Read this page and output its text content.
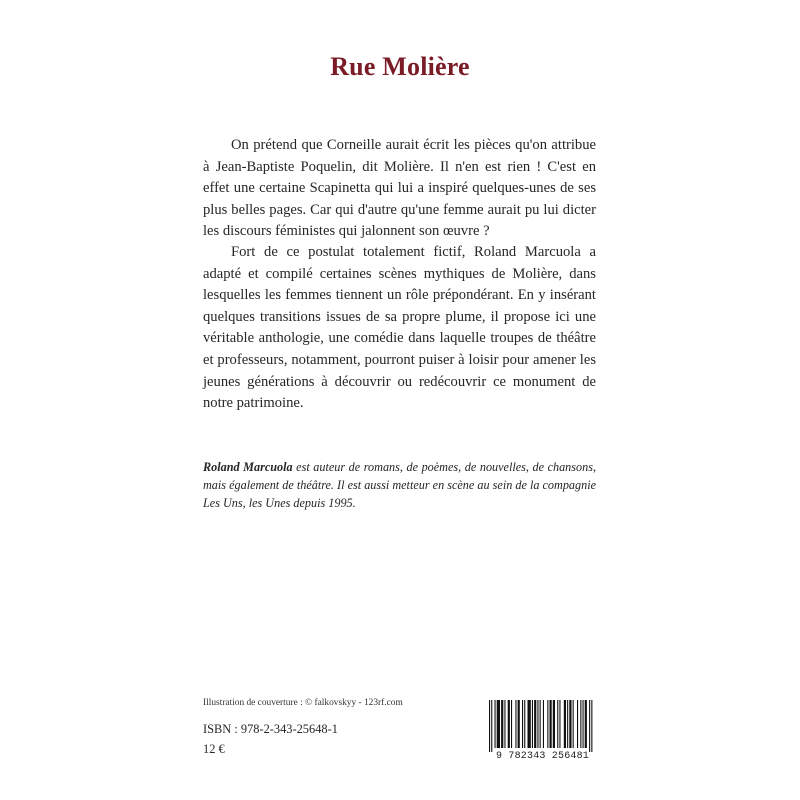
Rue Molière

On prétend que Corneille aurait écrit les pièces qu'on attribue à Jean-Baptiste Poquelin, dit Molière. Il n'en est rien ! C'est en effet une certaine Scapinetta qui lui a inspiré quelques-unes de ses plus belles pages. Car qui d'autre qu'une femme aurait pu lui dicter les discours féministes qui jalonnent son œuvre ?

Fort de ce postulat totalement fictif, Roland Marcuola a adapté et compilé certaines scènes mythiques de Molière, dans lesquelles les femmes tiennent un rôle prépondérant. En y insérant quelques transitions issues de sa propre plume, il propose ici une véritable anthologie, une comédie dans laquelle troupes de théâtre et professeurs, notamment, pourront puiser à loisir pour amener les jeunes générations à découvrir ou redécouvrir ce monument de notre patrimoine.

Roland Marcuola est auteur de romans, de poèmes, de nouvelles, de chansons, mais également de théâtre. Il est aussi metteur en scène au sein de la compagnie Les Uns, les Unes depuis 1995.

Illustration de couverture : © falkovskyy - 123rf.com
ISBN : 978-2-343-25648-1
12 €
9 782343 256481
